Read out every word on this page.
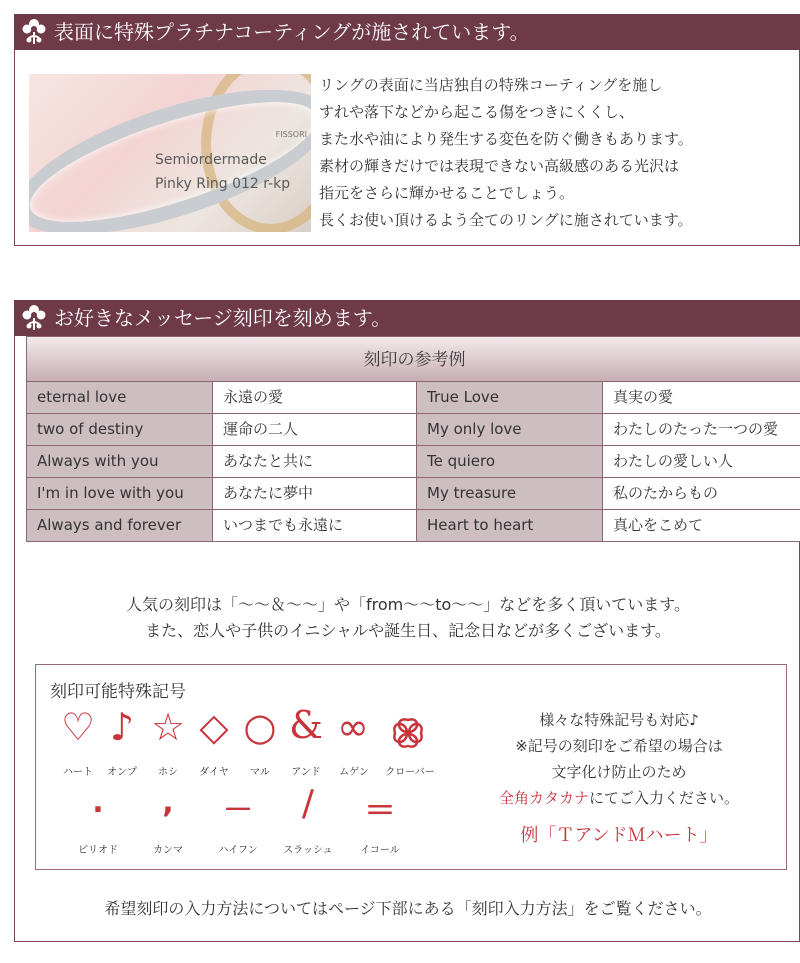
表面に特殊プラチナコーティングが施されています。
FISSORI
Semiordermade
Pinky Ring 012 r-kp

リングの表面に当店独自の特殊コーティングを施し

すれや落下などから起こる傷をつきにくくし、

また水や油により発生する変色を防ぐ働きもあります。

素材の輝きだけでは表現できない高級感のある光沢は

指元をさらに輝かせることでしょう。

長くお使い頂けるよう全てのリングに施されています。

お好きなメッセージ刻印を刻めます。
刻印の参考例
eternal love	永遠の愛	True Love	真実の愛
two of destiny	運命の二人	My only love	わたしのたった一つの愛
Always with you	あなたと共に	Te quiero	わたしの愛しい人
I'm in love with you	あなたに夢中	My treasure	私のたからもの
Always and forever	いつまでも永遠に	Heart to heart	真心をこめて

人気の刻印は「～～＆～～」や「from～～to～～」などを多く頂いています。

また、恋人や子供のイニシャルや誕生日、記念日などが多くございます。

刻印可能特殊記号
♡ ♪ ☆ ◇ ○ & ∞
ハート	オンプ	ホシ	ダイヤ	マル	アンド	ムゲン	クローバー
.	,	－	/	＝
ピリオド	カンマ	ハイフン	スラッシュ	イコール

様々な特殊記号も対応♪

※記号の刻印をご希望の場合は

文字化け防止のため

全角カタカナにてご入力ください。

例「ＴアンドＭハート」
希望刻印の入力方法についてはページ下部にある「刻印入力方法」をご覧ください。
